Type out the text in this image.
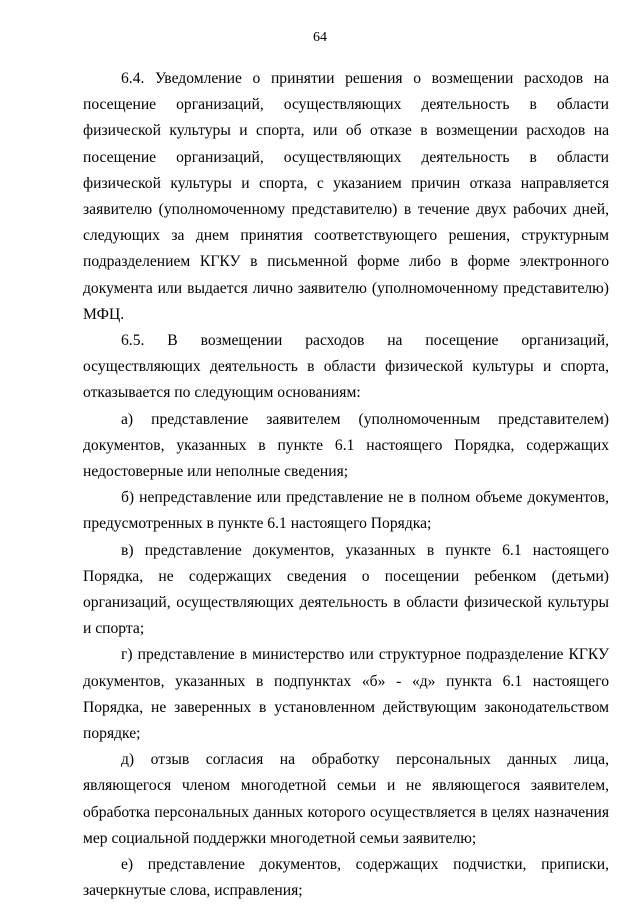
64

6.4. Уведомление о принятии решения о возмещении расходов на посещение организаций, осуществляющих деятельность в области физической культуры и спорта, или об отказе в возмещении расходов на посещение организаций, осуществляющих деятельность в области физической культуры и спорта, с указанием причин отказа направляется заявителю (уполномоченному представителю) в течение двух рабочих дней, следующих за днем принятия соответствующего решения, структурным подразделением КГКУ в письменной форме либо в форме электронного документа или выдается лично заявителю (уполномоченному представителю) МФЦ.

6.5. В возмещении расходов на посещение организаций, осуществляющих деятельность в области физической культуры и спорта, отказывается по следующим основаниям:

а) представление заявителем (уполномоченным представителем) документов, указанных в пункте 6.1 настоящего Порядка, содержащих недостоверные или неполные сведения;

б) непредставление или представление не в полном объеме документов, предусмотренных в пункте 6.1 настоящего Порядка;

в) представление документов, указанных в пункте 6.1 настоящего Порядка, не содержащих сведения о посещении ребенком (детьми) организаций, осуществляющих деятельность в области физической культуры и спорта;

г) представление в министерство или структурное подразделение КГКУ документов, указанных в подпунктах «б» - «д» пункта 6.1 настоящего Порядка, не заверенных в установленном действующим законодательством порядке;

д) отзыв согласия на обработку персональных данных лица, являющегося членом многодетной семьи и не являющегося заявителем, обработка персональных данных которого осуществляется в целях назначения мер социальной поддержки многодетной семьи заявителю;

е) представление документов, содержащих подчистки, приписки, зачеркнутые слова, исправления;
